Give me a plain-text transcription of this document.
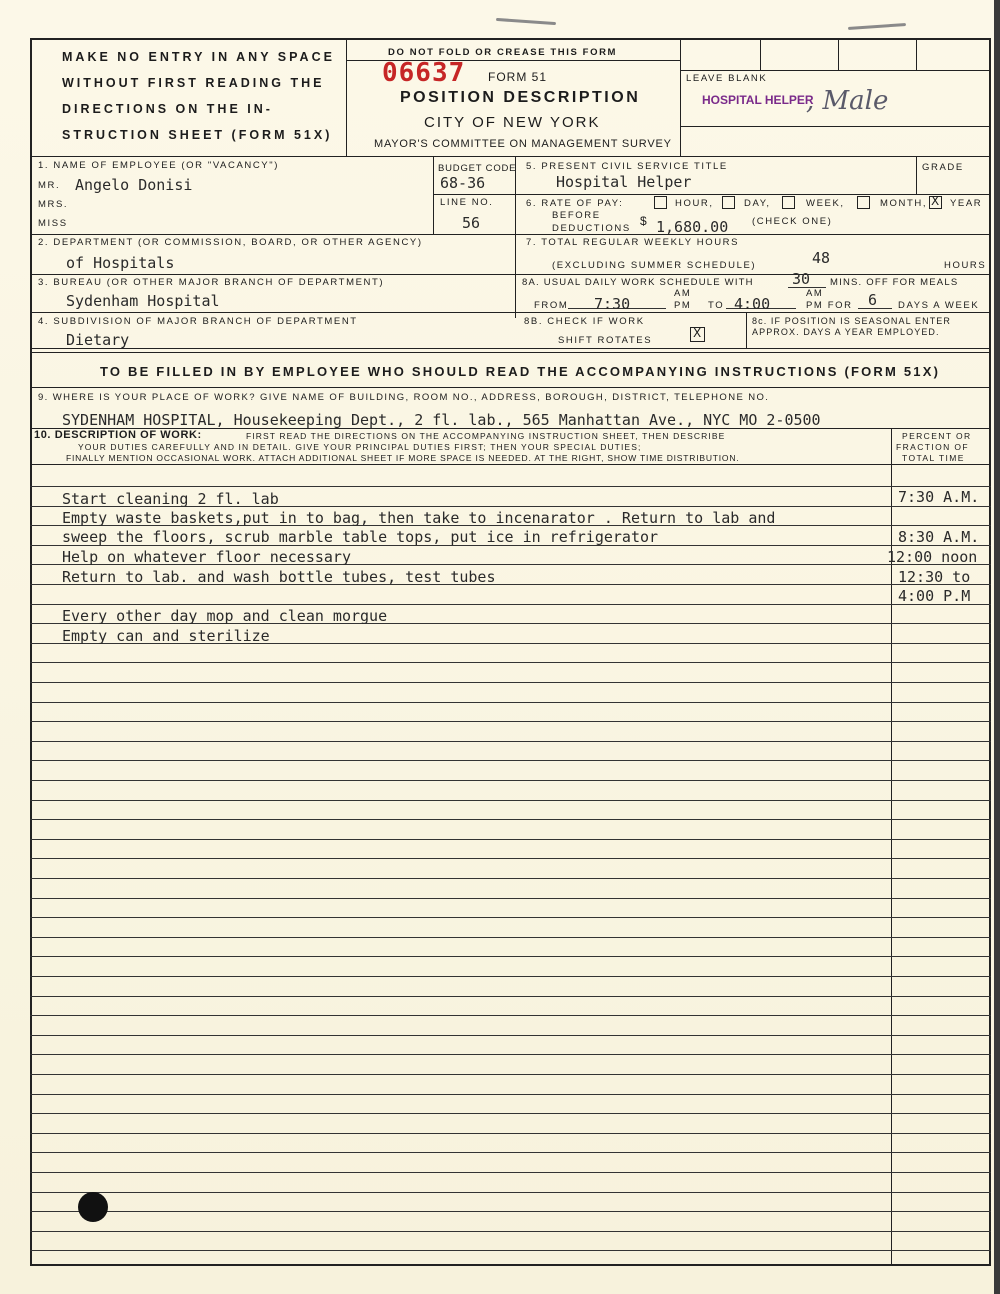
MAKE NO ENTRY IN ANY SPACE
WITHOUT FIRST READING THE
DIRECTIONS ON THE IN-
STRUCTION SHEET (FORM 51X)
DO NOT FOLD OR CREASE THIS FORM
06637 FORM 51
POSITION DESCRIPTION
CITY OF NEW YORK
MAYOR'S COMMITTEE ON MANAGEMENT SURVEY
LEAVE BLANK
HOSPITAL HELPER
, Male
1. NAME OF EMPLOYEE (OR "VACANCY")
MR.
MRS.
MISS
Angelo Donisi
BUDGET CODE
68-36
LINE NO.
56
5. PRESENT CIVIL SERVICE TITLE	GRADE
Hospital Helper
6. RATE OF PAY:	HOUR,	DAY,	WEEK,	MONTH, X YEAR
BEFORE
DEDUCTIONS
$ 1,680.00	(CHECK ONE)
2. DEPARTMENT (OR COMMISSION, BOARD, OR OTHER AGENCY)
of Hospitals
7. TOTAL REGULAR WEEKLY HOURS
48
(EXCLUDING SUMMER SCHEDULE)	HOURS
3. BUREAU (OR OTHER MAJOR BRANCH OF DEPARTMENT)
Sydenham Hospital
8A. USUAL DAILY WORK SCHEDULE WITH	30 MINS. OFF FOR MEALS
AM	AM
FROM 7:30	PM TO 4:00	PM FOR 6 DAYS A WEEK
4. SUBDIVISION OF MAJOR BRANCH OF DEPARTMENT
Dietary
8B. CHECK IF WORK
SHIFT ROTATES
X
8c. IF POSITION IS SEASONAL ENTER APPROX. DAYS A YEAR EMPLOYED.
TO BE FILLED IN BY EMPLOYEE WHO SHOULD READ THE ACCOMPANYING INSTRUCTIONS (FORM 51X)
9. WHERE IS YOUR PLACE OF WORK? GIVE NAME OF BUILDING, ROOM NO., ADDRESS, BOROUGH, DISTRICT, TELEPHONE NO.
SYDENHAM HOSPITAL, Housekeeping Dept., 2 fl. lab., 565 Manhattan Ave., NYC MO 2-0500
10. DESCRIPTION OF WORK:	FIRST READ THE DIRECTIONS ON THE ACCOMPANYING INSTRUCTION SHEET, THEN DESCRIBE
YOUR DUTIES CAREFULLY AND IN DETAIL. GIVE YOUR PRINCIPAL DUTIES FIRST; THEN YOUR SPECIAL DUTIES;
FINALLY MENTION OCCASIONAL WORK. ATTACH ADDITIONAL SHEET IF MORE SPACE IS NEEDED. AT THE RIGHT, SHOW TIME DISTRIBUTION.
PERCENT OR
FRACTION OF
TOTAL TIME
Start cleaning 2 fl. lab	7:30 A.M.
Empty waste baskets,put in to bag, then take to incenarator . Return to lab and
sweep the floors, scrub marble table tops, put ice in refrigerator	8:30 A.M.
Help on whatever floor necessary	12:00 noon
Return to lab. and wash bottle tubes, test tubes	12:30 to
4:00 P.M
Every other day mop and clean morgue
Empty can and sterilize
